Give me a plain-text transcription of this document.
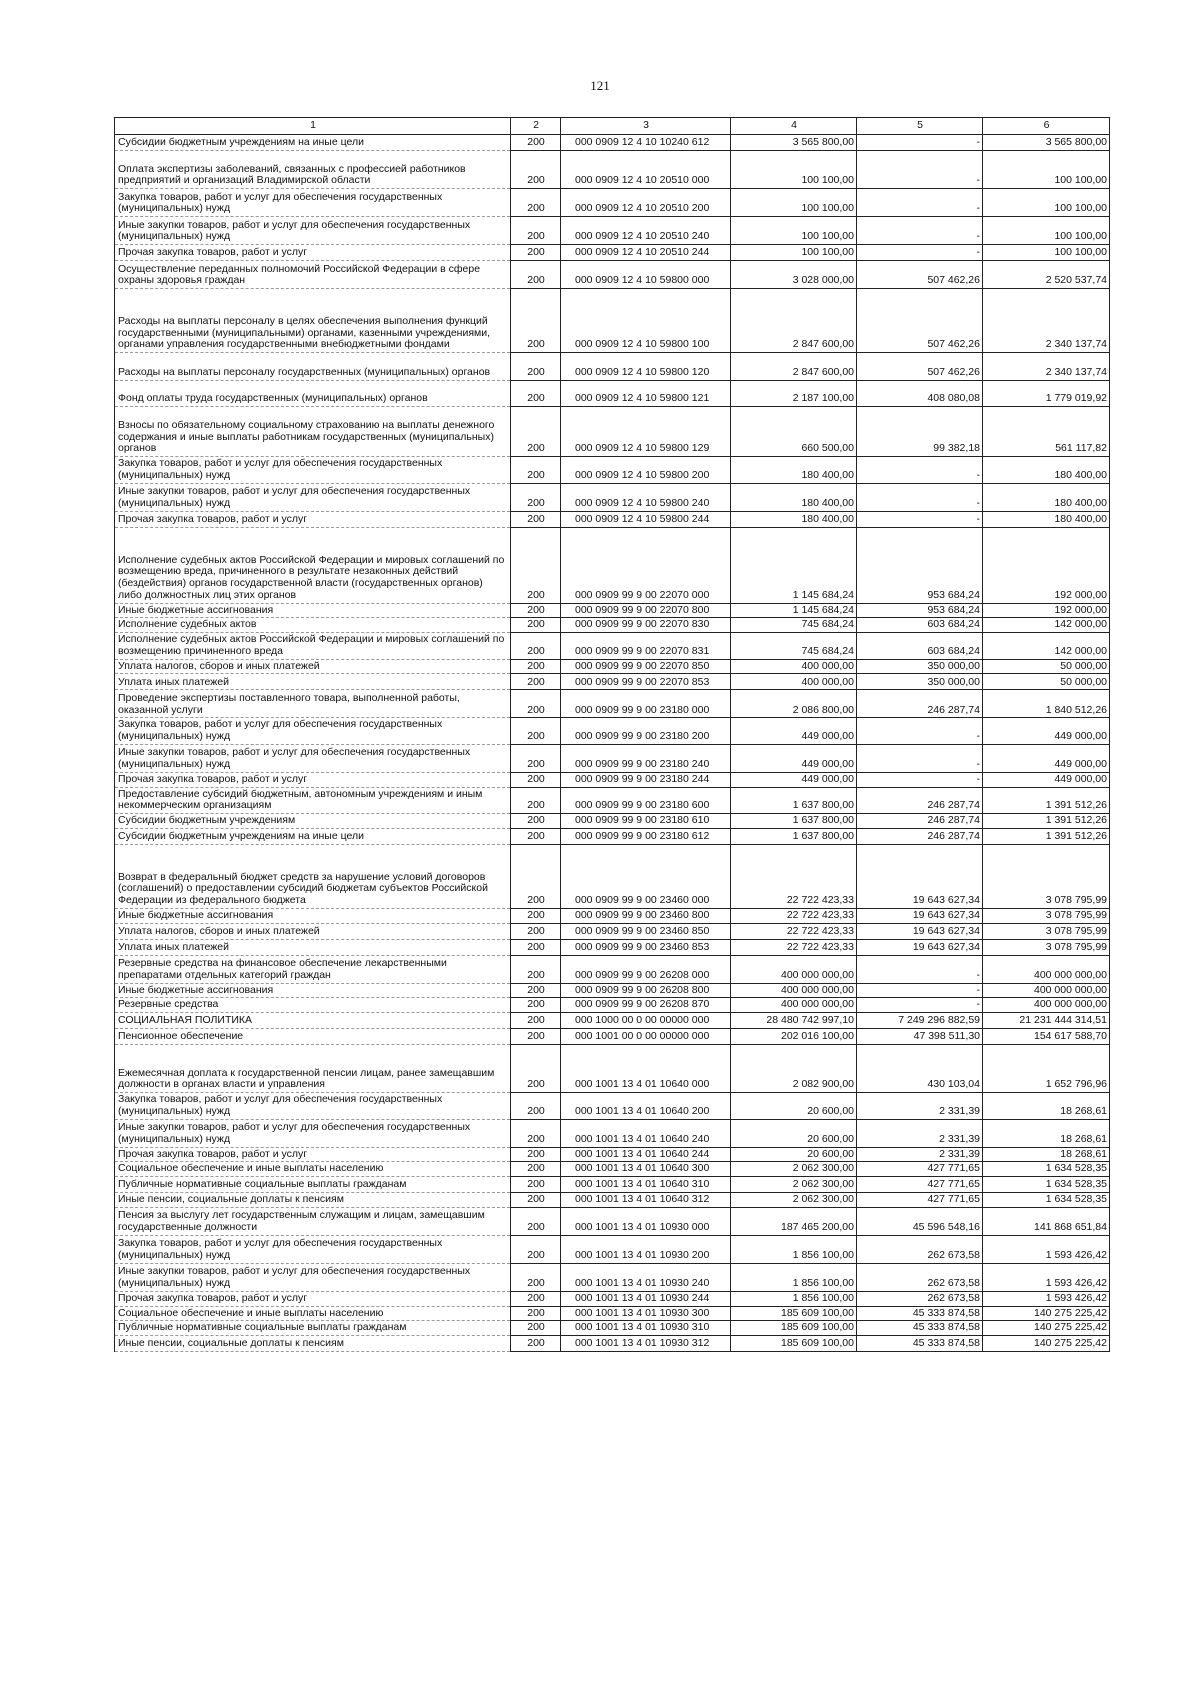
121
1	2	3	4	5	6
Субсидии бюджетным учреждениям на иные цели	200	000 0909 12 4 10 10240 612	3 565 800,00	-	3 565 800,00
Оплата экспертизы заболеваний, связанных с профессией работников предприятий и организаций Владимирской области	200	000 0909 12 4 10 20510 000	100 100,00	-	100 100,00
Закупка товаров, работ и услуг для обеспечения государственных (муниципальных) нужд	200	000 0909 12 4 10 20510 200	100 100,00	-	100 100,00
Иные закупки товаров, работ и услуг для обеспечения государственных (муниципальных) нужд	200	000 0909 12 4 10 20510 240	100 100,00	-	100 100,00
Прочая закупка товаров, работ и услуг	200	000 0909 12 4 10 20510 244	100 100,00	-	100 100,00
Осуществление переданных полномочий Российской Федерации в сфере охраны здоровья граждан	200	000 0909 12 4 10 59800 000	3 028 000,00	507 462,26	2 520 537,74
Расходы на выплаты персоналу в целях обеспечения выполнения функций государственными (муниципальными) органами, казенными учреждениями, органами управления государственными внебюджетными фондами	200	000 0909 12 4 10 59800 100	2 847 600,00	507 462,26	2 340 137,74
Расходы на выплаты персоналу государственных (муниципальных) органов	200	000 0909 12 4 10 59800 120	2 847 600,00	507 462,26	2 340 137,74
Фонд оплаты труда государственных (муниципальных) органов	200	000 0909 12 4 10 59800 121	2 187 100,00	408 080,08	1 779 019,92
Взносы по обязательному социальному страхованию на выплаты денежного содержания и иные выплаты работникам государственных (муниципальных) органов	200	000 0909 12 4 10 59800 129	660 500,00	99 382,18	561 117,82
Закупка товаров, работ и услуг для обеспечения государственных (муниципальных) нужд	200	000 0909 12 4 10 59800 200	180 400,00	-	180 400,00
Иные закупки товаров, работ и услуг для обеспечения государственных (муниципальных) нужд	200	000 0909 12 4 10 59800 240	180 400,00	-	180 400,00
Прочая закупка товаров, работ и услуг	200	000 0909 12 4 10 59800 244	180 400,00	-	180 400,00
Исполнение судебных актов Российской Федерации и мировых соглашений по возмещению вреда, причиненного в результате незаконных действий (бездействия) органов государственной власти (государственных органов) либо должностных лиц этих органов	200	000 0909 99 9 00 22070 000	1 145 684,24	953 684,24	192 000,00
Иные бюджетные ассигнования	200	000 0909 99 9 00 22070 800	1 145 684,24	953 684,24	192 000,00
Исполнение судебных актов	200	000 0909 99 9 00 22070 830	745 684,24	603 684,24	142 000,00
Исполнение судебных актов Российской Федерации и мировых соглашений по возмещению причиненного вреда	200	000 0909 99 9 00 22070 831	745 684,24	603 684,24	142 000,00
Уплата налогов, сборов и иных платежей	200	000 0909 99 9 00 22070 850	400 000,00	350 000,00	50 000,00
Уплата иных платежей	200	000 0909 99 9 00 22070 853	400 000,00	350 000,00	50 000,00
Проведение экспертизы поставленного товара, выполненной работы, оказанной услуги	200	000 0909 99 9 00 23180 000	2 086 800,00	246 287,74	1 840 512,26
Закупка товаров, работ и услуг для обеспечения государственных (муниципальных) нужд	200	000 0909 99 9 00 23180 200	449 000,00	-	449 000,00
Иные закупки товаров, работ и услуг для обеспечения государственных (муниципальных) нужд	200	000 0909 99 9 00 23180 240	449 000,00	-	449 000,00
Прочая закупка товаров, работ и услуг	200	000 0909 99 9 00 23180 244	449 000,00	-	449 000,00
Предоставление субсидий бюджетным, автономным учреждениям и иным некоммерческим организациям	200	000 0909 99 9 00 23180 600	1 637 800,00	246 287,74	1 391 512,26
Субсидии бюджетным учреждениям	200	000 0909 99 9 00 23180 610	1 637 800,00	246 287,74	1 391 512,26
Субсидии бюджетным учреждениям на иные цели	200	000 0909 99 9 00 23180 612	1 637 800,00	246 287,74	1 391 512,26
Возврат в федеральный бюджет средств за нарушение условий договоров (соглашений) о предоставлении субсидий бюджетам субъектов Российской Федерации из федерального бюджета	200	000 0909 99 9 00 23460 000	22 722 423,33	19 643 627,34	3 078 795,99
Иные бюджетные ассигнования	200	000 0909 99 9 00 23460 800	22 722 423,33	19 643 627,34	3 078 795,99
Уплата налогов, сборов и иных платежей	200	000 0909 99 9 00 23460 850	22 722 423,33	19 643 627,34	3 078 795,99
Уплата иных платежей	200	000 0909 99 9 00 23460 853	22 722 423,33	19 643 627,34	3 078 795,99
Резервные средства на финансовое обеспечение лекарственными препаратами отдельных категорий граждан	200	000 0909 99 9 00 26208 000	400 000 000,00	-	400 000 000,00
Иные бюджетные ассигнования	200	000 0909 99 9 00 26208 800	400 000 000,00	-	400 000 000,00
Резервные средства	200	000 0909 99 9 00 26208 870	400 000 000,00	-	400 000 000,00
СОЦИАЛЬНАЯ ПОЛИТИКА	200	000 1000 00 0 00 00000 000	28 480 742 997,10	7 249 296 882,59	21 231 444 314,51
Пенсионное обеспечение	200	000 1001 00 0 00 00000 000	202 016 100,00	47 398 511,30	154 617 588,70
Ежемесячная доплата к государственной пенсии лицам, ранее замещавшим должности в органах власти и управления	200	000 1001 13 4 01 10640 000	2 082 900,00	430 103,04	1 652 796,96
Закупка товаров, работ и услуг для обеспечения государственных (муниципальных) нужд	200	000 1001 13 4 01 10640 200	20 600,00	2 331,39	18 268,61
Иные закупки товаров, работ и услуг для обеспечения государственных (муниципальных) нужд	200	000 1001 13 4 01 10640 240	20 600,00	2 331,39	18 268,61
Прочая закупка товаров, работ и услуг	200	000 1001 13 4 01 10640 244	20 600,00	2 331,39	18 268,61
Социальное обеспечение и иные выплаты населению	200	000 1001 13 4 01 10640 300	2 062 300,00	427 771,65	1 634 528,35
Публичные нормативные социальные выплаты гражданам	200	000 1001 13 4 01 10640 310	2 062 300,00	427 771,65	1 634 528,35
Иные пенсии, социальные доплаты к пенсиям	200	000 1001 13 4 01 10640 312	2 062 300,00	427 771,65	1 634 528,35
Пенсия за выслугу лет государственным служащим и лицам, замещавшим государственные должности	200	000 1001 13 4 01 10930 000	187 465 200,00	45 596 548,16	141 868 651,84
Закупка товаров, работ и услуг для обеспечения государственных (муниципальных) нужд	200	000 1001 13 4 01 10930 200	1 856 100,00	262 673,58	1 593 426,42
Иные закупки товаров, работ и услуг для обеспечения государственных (муниципальных) нужд	200	000 1001 13 4 01 10930 240	1 856 100,00	262 673,58	1 593 426,42
Прочая закупка товаров, работ и услуг	200	000 1001 13 4 01 10930 244	1 856 100,00	262 673,58	1 593 426,42
Социальное обеспечение и иные выплаты населению	200	000 1001 13 4 01 10930 300	185 609 100,00	45 333 874,58	140 275 225,42
Публичные нормативные социальные выплаты гражданам	200	000 1001 13 4 01 10930 310	185 609 100,00	45 333 874,58	140 275 225,42
Иные пенсии, социальные доплаты к пенсиям	200	000 1001 13 4 01 10930 312	185 609 100,00	45 333 874,58	140 275 225,42
